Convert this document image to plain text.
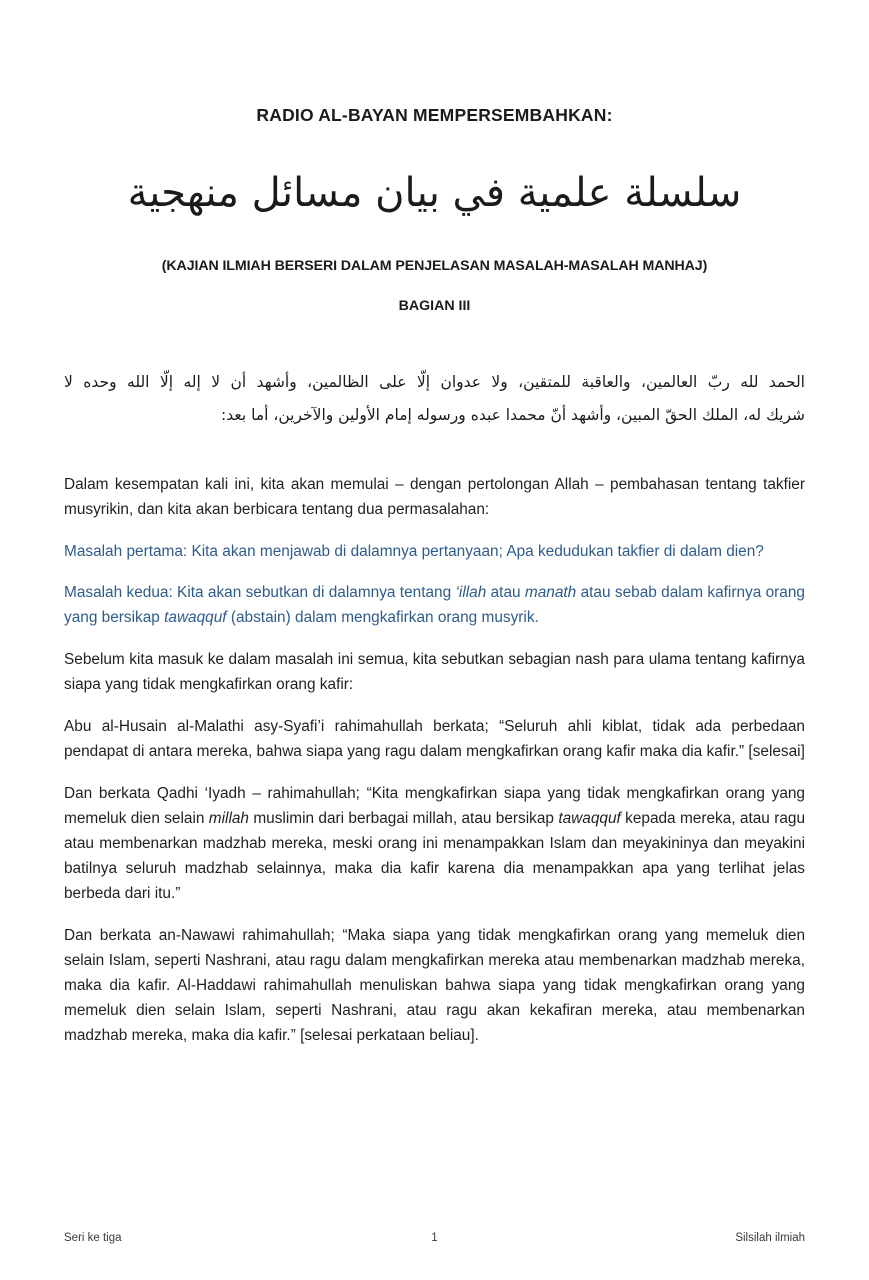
RADIO AL-BAYAN MEMPERSEMBAHKAN:
سلسلة علمية في بيان مسائل منهجية
(KAJIAN ILMIAH BERSERI DALAM PENJELASAN MASALAH-MASALAH MANHAJ)
BAGIAN III
الحمد لله ربّ العالمين، والعاقبة للمتقين، ولا عدوان إلّا على الظالمين، وأشهد أن لا إله إلّا الله وحده لا
شريك له، الملك الحقّ المبين، وأشهد أنّ محمدا عبده ورسوله إمام الأولين والآخرين، أما بعد:

Dalam kesempatan kali ini, kita akan memulai – dengan pertolongan Allah – pembahasan tentang takfier musyrikin, dan kita akan berbicara tentang dua permasalahan:

Masalah pertama: Kita akan menjawab di dalamnya pertanyaan; Apa kedudukan takfier di dalam dien?

Masalah kedua: Kita akan sebutkan di dalamnya tentang ‘illah atau manath atau sebab dalam kafirnya orang yang bersikap tawaqquf (abstain) dalam mengkafirkan orang musyrik.

Sebelum kita masuk ke dalam masalah ini semua, kita sebutkan sebagian nash para ulama tentang kafirnya siapa yang tidak mengkafirkan orang kafir:

Abu al-Husain al-Malathi asy-Syafi’i rahimahullah berkata; “Seluruh ahli kiblat, tidak ada perbedaan pendapat di antara mereka, bahwa siapa yang ragu dalam mengkafirkan orang kafir maka dia kafir.” [selesai]

Dan berkata Qadhi ‘Iyadh – rahimahullah; “Kita mengkafirkan siapa yang tidak mengkafirkan orang yang memeluk dien selain millah muslimin dari berbagai millah, atau bersikap tawaqquf kepada mereka, atau ragu atau membenarkan madzhab mereka, meski orang ini menampakkan Islam dan meyakininya dan meyakini batilnya seluruh madzhab selainnya, maka dia kafir karena dia menampakkan apa yang terlihat jelas berbeda dari itu.”

Dan berkata an-Nawawi rahimahullah; “Maka siapa yang tidak mengkafirkan orang yang memeluk dien selain Islam, seperti Nashrani, atau ragu dalam mengkafirkan mereka atau membenarkan madzhab mereka, maka dia kafir. Al-Haddawi rahimahullah menuliskan bahwa siapa yang tidak mengkafirkan orang yang memeluk dien selain Islam, seperti Nashrani, atau ragu akan kekafiran mereka, atau membenarkan madzhab mereka, maka dia kafir.” [selesai perkataan beliau].

Seri ke tiga	1	Silsilah ilmiah
